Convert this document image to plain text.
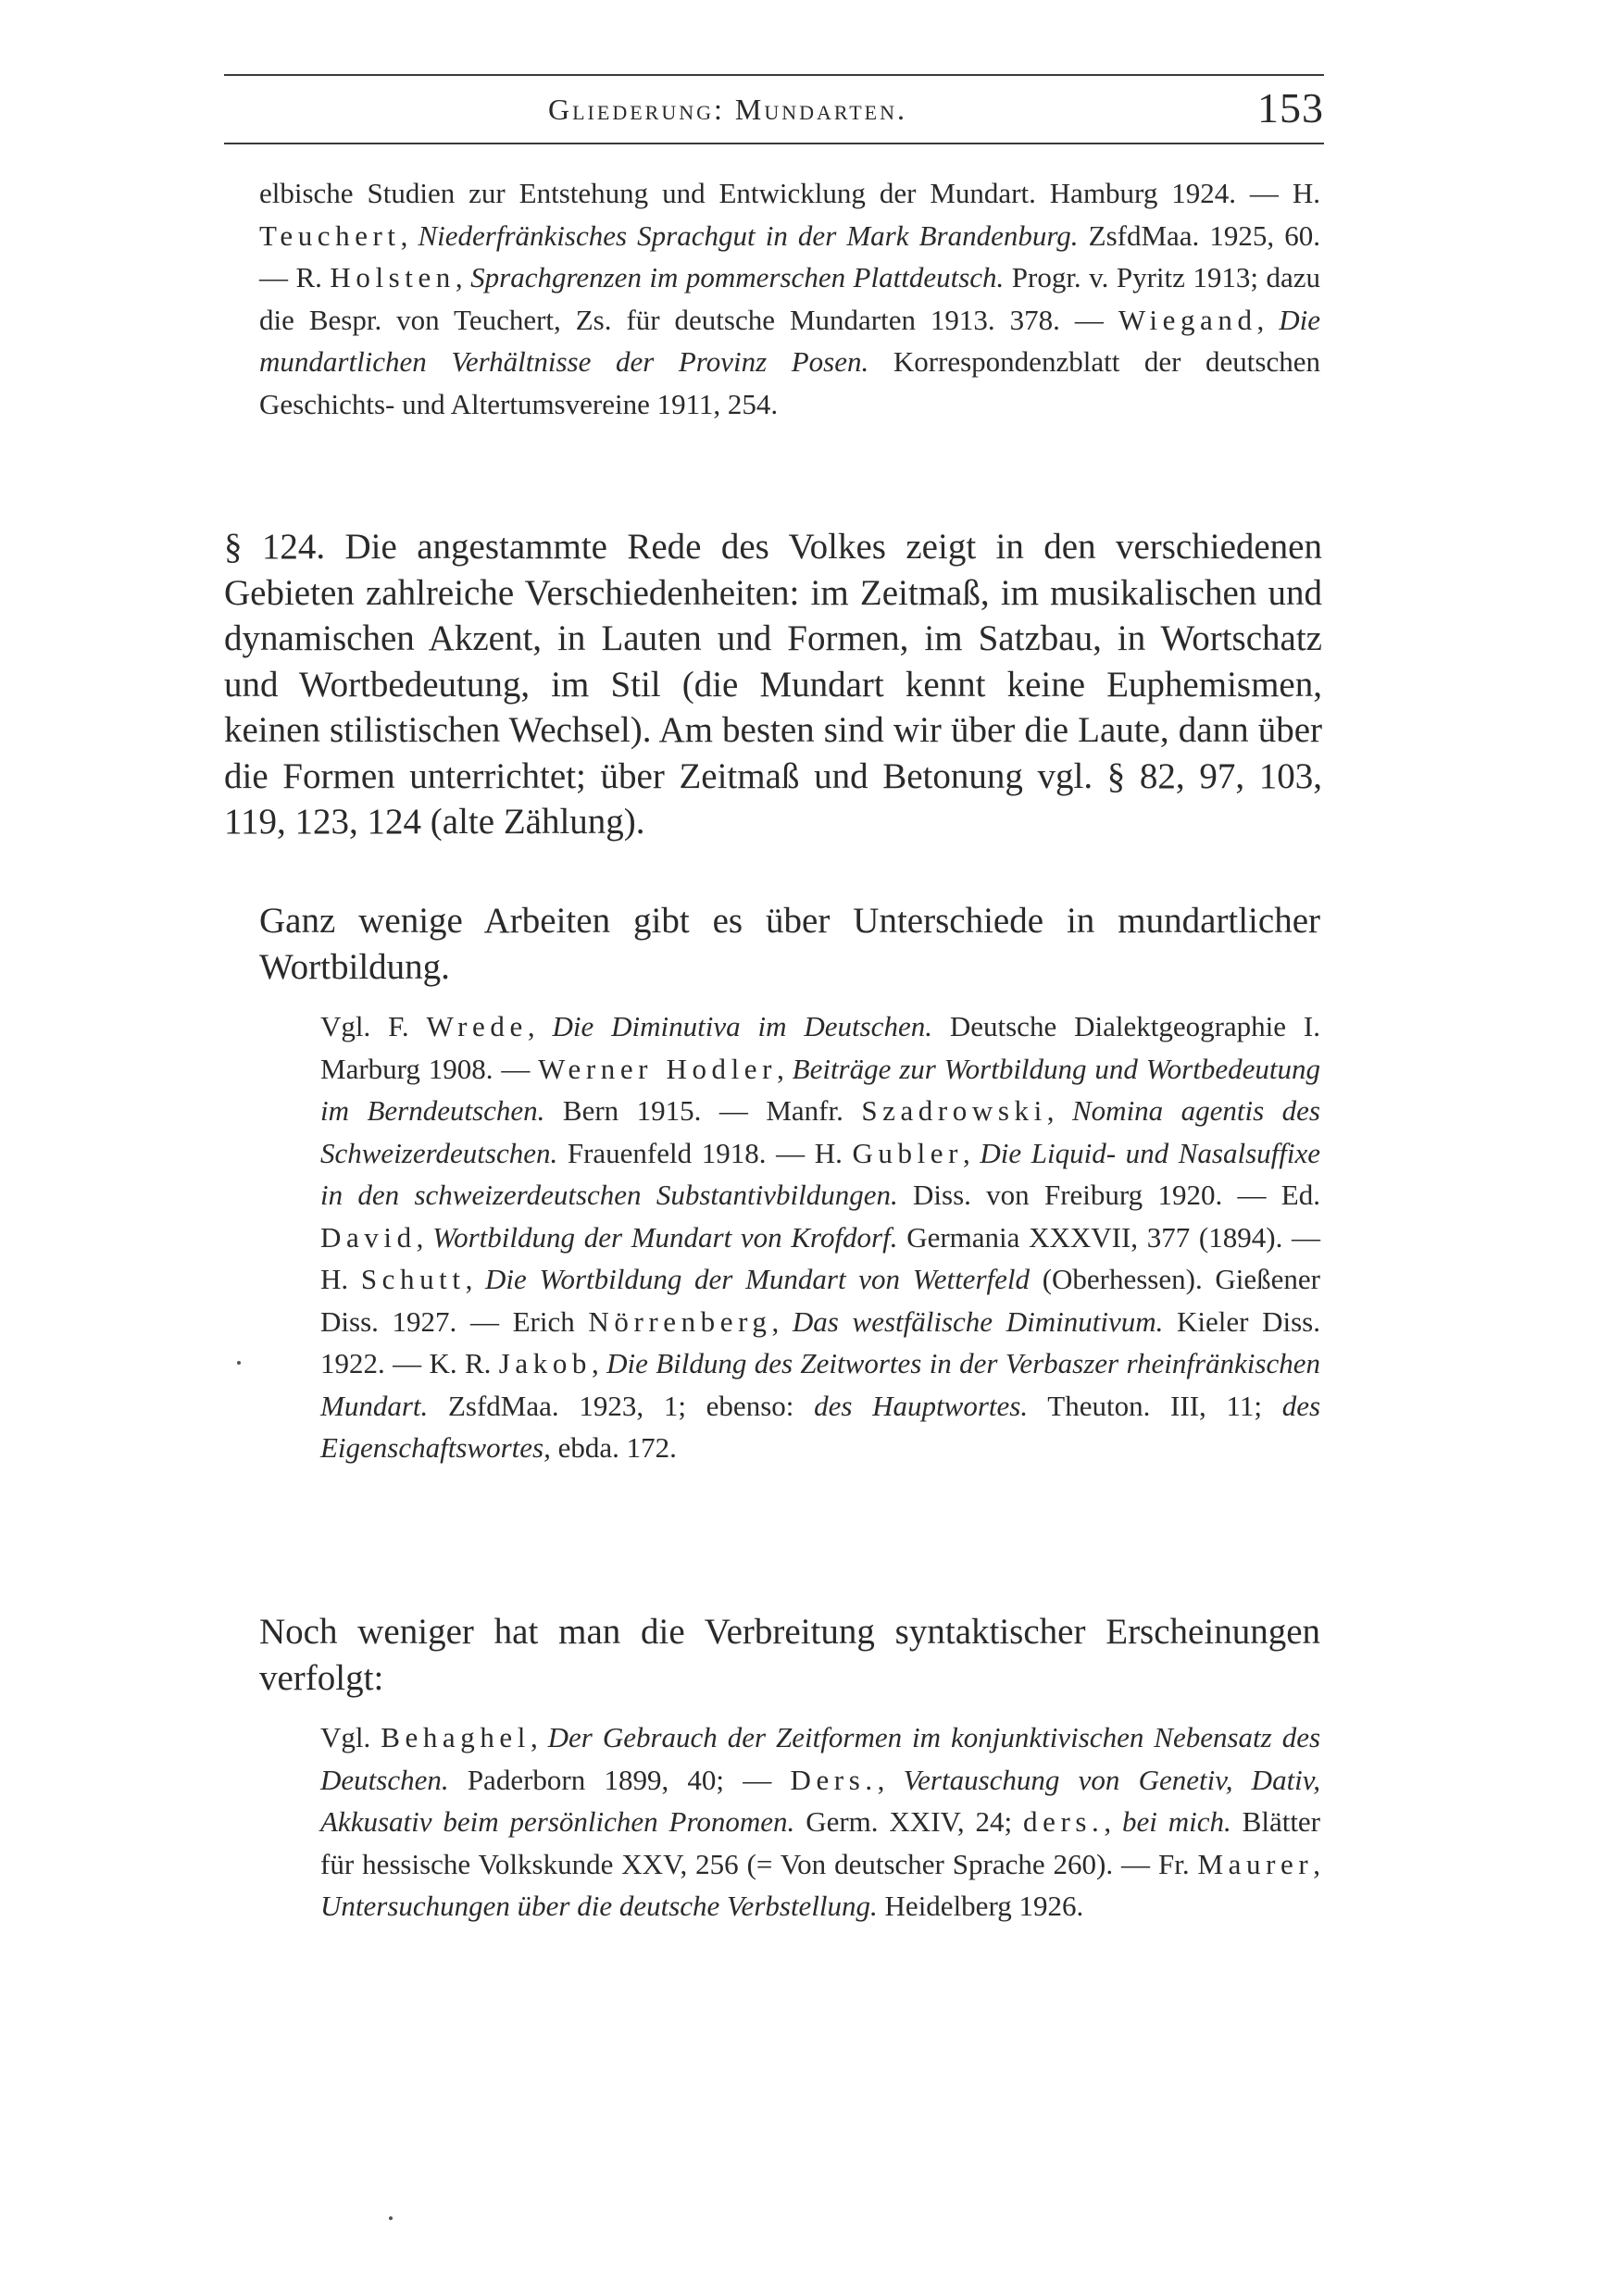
Gliederung: Mundarten.	153
elbische Studien zur Entstehung und Entwicklung der Mundart. Hamburg 1924. — H. Teuchert, Niederfränkisches Sprachgut in der Mark Brandenburg. ZsfdMaa. 1925, 60. — R. Holsten, Sprachgrenzen im pommerschen Plattdeutsch. Progr. v. Pyritz 1913; dazu die Bespr. von Teuchert, Zs. für deutsche Mundarten 1913. 378. — Wiegand, Die mundartlichen Verhältnisse der Provinz Posen. Korrespondenzblatt der deutschen Geschichts- und Altertumsvereine 1911, 254.
§ 124. Die angestammte Rede des Volkes zeigt in den verschiedenen Gebieten zahlreiche Verschiedenheiten: im Zeitmaß, im musikalischen und dynamischen Akzent, in Lauten und Formen, im Satzbau, in Wortschatz und Wortbedeutung, im Stil (die Mundart kennt keine Euphemismen, keinen stilistischen Wechsel). Am besten sind wir über die Laute, dann über die Formen unterrichtet; über Zeitmaß und Betonung vgl. § 82, 97, 103, 119, 123, 124 (alte Zählung).
Ganz wenige Arbeiten gibt es über Unterschiede in mundartlicher Wortbildung.
Vgl. F. Wrede, Die Diminutiva im Deutschen. Deutsche Dialektgeographie I. Marburg 1908. — Werner Hodler, Beiträge zur Wortbildung und Wortbedeutung im Berndeutschen. Bern 1915. — Manfr. Szadrowski, Nomina agentis des Schweizerdeutschen. Frauenfeld 1918. — H. Gubler, Die Liquid- und Nasalsuffixe in den schweizerdeutschen Substantivbildungen. Diss. von Freiburg 1920. — Ed. David, Wortbildung der Mundart von Krofdorf. Germania XXXVII, 377 (1894). — H. Schutt, Die Wortbildung der Mundart von Wetterfeld (Oberhessen). Gießener Diss. 1927. — Erich Nörrenberg, Das westfälische Diminutivum. Kieler Diss. 1922. — K. R. Jakob, Die Bildung des Zeitwortes in der Verbaszer rheinfränkischen Mundart. ZsfdMaa. 1923, 1; ebenso: des Hauptwortes. Theuton. III, 11; des Eigenschaftswortes, ebda. 172.
Noch weniger hat man die Verbreitung syntaktischer Erscheinungen verfolgt:
Vgl. Behaghel, Der Gebrauch der Zeitformen im konjunktivischen Nebensatz des Deutschen. Paderborn 1899, 40; — Ders., Vertauschung von Genetiv, Dativ, Akkusativ beim persönlichen Pronomen. Germ. XXIV, 24; ders., bei mich. Blätter für hessische Volkskunde XXV, 256 (= Von deutscher Sprache 260). — Fr. Maurer, Untersuchungen über die deutsche Verbstellung. Heidelberg 1926.
